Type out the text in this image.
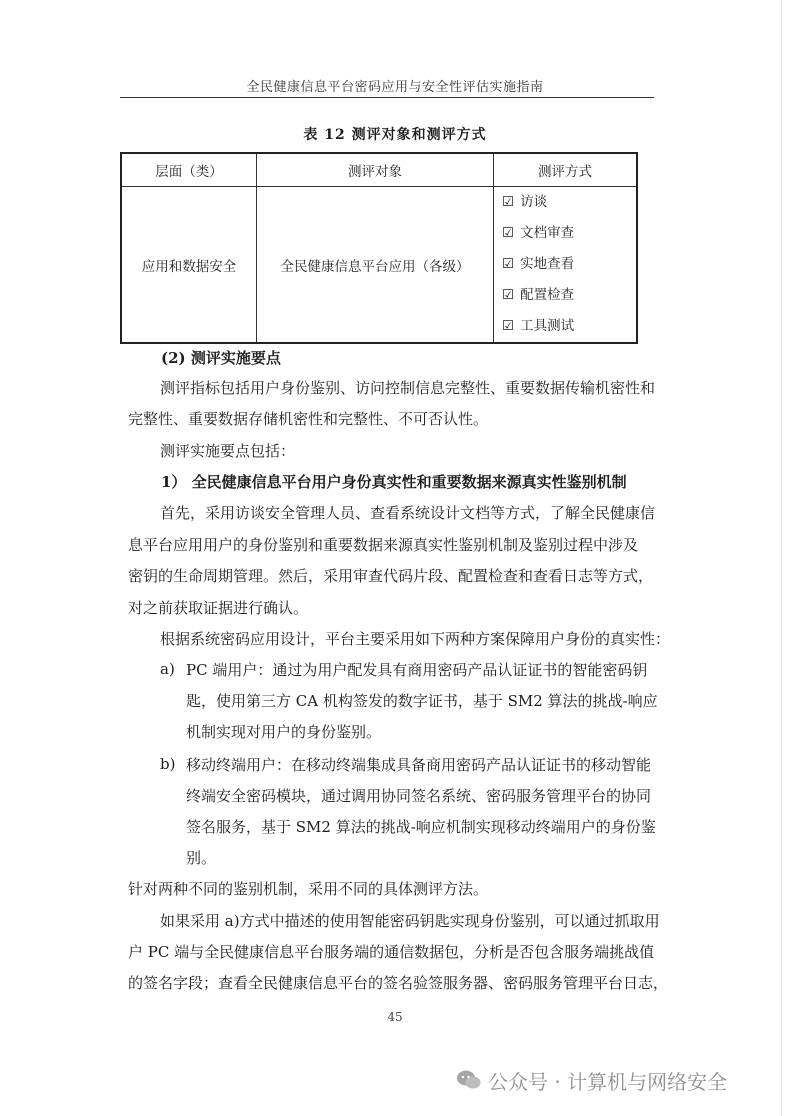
全民健康信息平台密码应用与安全性评估实施指南
表 12 测评对象和测评方式
层面（类）	测评对象	测评方式
应用和数据安全	全民健康信息平台应用（各级）	☑ 访谈
☑ 文档审查
☑ 实地查看
☑ 配置检查
☑ 工具测试
(2) 测评实施要点
测评指标包括用户身份鉴别、访问控制信息完整性、重要数据传输机密性和
完整性、重要数据存储机密性和完整性、不可否认性。
测评实施要点包括：
1） 全民健康信息平台用户身份真实性和重要数据来源真实性鉴别机制
首先，采用访谈安全管理人员、查看系统设计文档等方式，了解全民健康信
息平台应用用户的身份鉴别和重要数据来源真实性鉴别机制及鉴别过程中涉及
密钥的生命周期管理。然后，采用审查代码片段、配置检查和查看日志等方式，
对之前获取证据进行确认。
根据系统密码应用设计，平台主要采用如下两种方案保障用户身份的真实性：
a) PC 端用户：通过为用户配发具有商用密码产品认证证书的智能密码钥
匙，使用第三方 CA 机构签发的数字证书，基于 SM2 算法的挑战-响应
机制实现对用户的身份鉴别。
b) 移动终端用户：在移动终端集成具备商用密码产品认证证书的移动智能
终端安全密码模块，通过调用协同签名系统、密码服务管理平台的协同
签名服务，基于 SM2 算法的挑战-响应机制实现移动终端用户的身份鉴
别。
针对两种不同的鉴别机制，采用不同的具体测评方法。
如果采用 a)方式中描述的使用智能密码钥匙实现身份鉴别，可以通过抓取用
户 PC 端与全民健康信息平台服务端的通信数据包，分析是否包含服务端挑战值
的签名字段；查看全民健康信息平台的签名验签服务器、密码服务管理平台日志，
45
公众号 · 计算机与网络安全
